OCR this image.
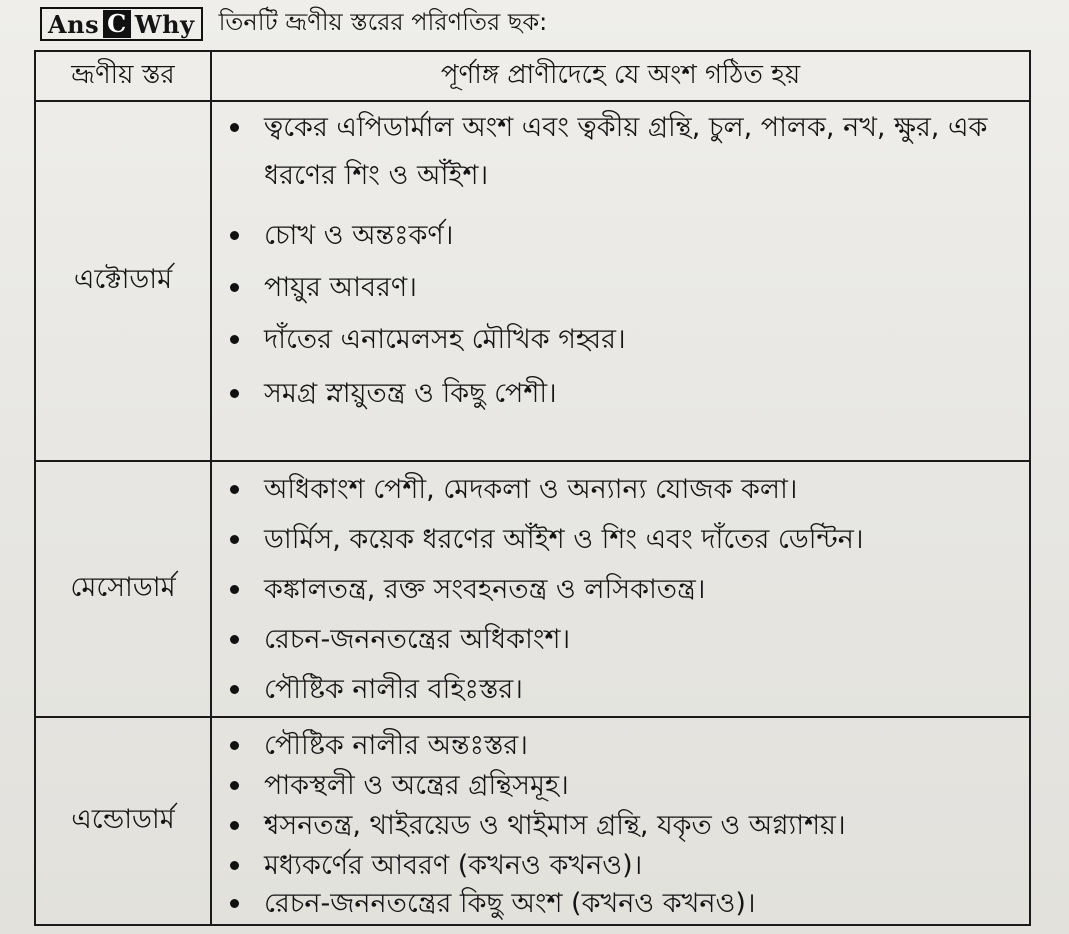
Ans C Why তিনটি ভ্রূণীয় স্তরের পরিণতির ছক:
ভ্রূণীয় স্তর	পূর্ণাঙ্গ প্রাণীদেহে যে অংশ গঠিত হয়
এক্টোডার্ম
ত্বকের এপিডার্মাল অংশ এবং ত্বকীয় গ্রন্থি, চুল, পালক, নখ, ক্ষুর, এক ধরণের শিং ও আঁইশ।
চোখ ও অন্তঃকর্ণ।
পায়ুর আবরণ।
দাঁতের এনামেলসহ মৌখিক গহ্বর।
সমগ্র স্নায়ুতন্ত্র ও কিছু পেশী।
মেসোডার্ম
অধিকাংশ পেশী, মেদকলা ও অন্যান্য যোজক কলা।
ডার্মিস, কয়েক ধরণের আঁইশ ও শিং এবং দাঁতের ডেন্টিন।
কঙ্কালতন্ত্র, রক্ত সংবহনতন্ত্র ও লসিকাতন্ত্র।
রেচন-জননতন্ত্রের অধিকাংশ।
পৌষ্টিক নালীর বহিঃস্তর।
এন্ডোডার্ম
পৌষ্টিক নালীর অন্তঃস্তর।
পাকস্থলী ও অন্ত্রের গ্রন্থিসমূহ।
শ্বসনতন্ত্র, থাইরয়েড ও থাইমাস গ্রন্থি, যকৃত ও অগ্ন্যাশয়।
মধ্যকর্ণের আবরণ (কখনও কখনও)।
রেচন-জননতন্ত্রের কিছু অংশ (কখনও কখনও)।
